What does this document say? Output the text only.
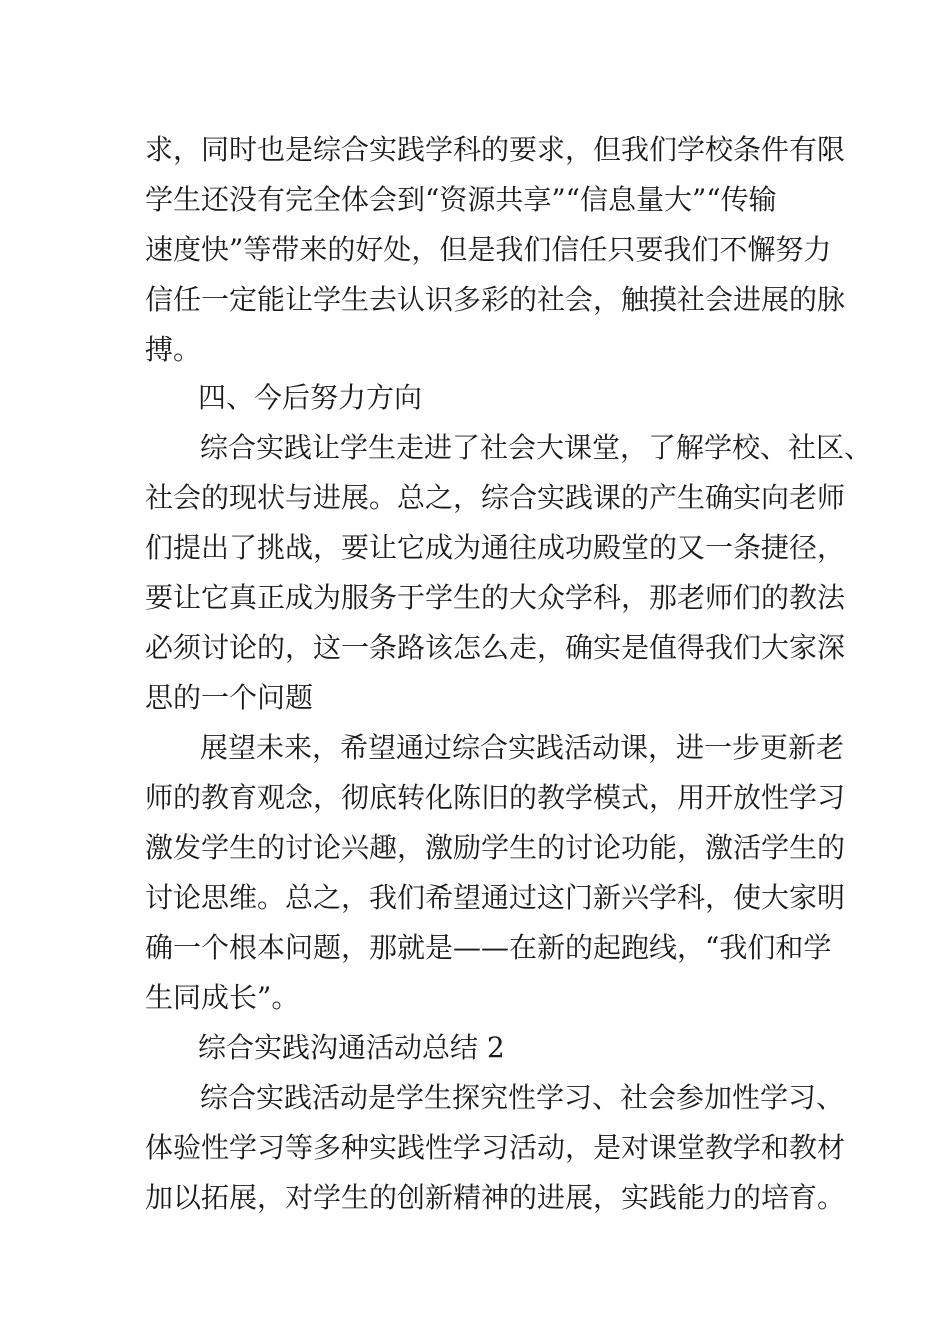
求，同时也是综合实践学科的要求，但我们学校条件有限
学生还没有完全体会到“资源共享”“信息量大”“传输
速度快”等带来的好处，但是我们信任只要我们不懈努力
信任一定能让学生去认识多彩的社会，触摸社会进展的脉
搏。
四、今后努力方向
综合实践让学生走进了社会大课堂，了解学校、社区、
社会的现状与进展。总之，综合实践课的产生确实向老师
们提出了挑战，要让它成为通往成功殿堂的又一条捷径，
要让它真正成为服务于学生的大众学科，那老师们的教法
必须讨论的，这一条路该怎么走，确实是值得我们大家深
思的一个问题
展望未来，希望通过综合实践活动课，进一步更新老
师的教育观念，彻底转化陈旧的教学模式，用开放性学习
激发学生的讨论兴趣，激励学生的讨论功能，激活学生的
讨论思维。总之，我们希望通过这门新兴学科，使大家明
确一个根本问题，那就是——在新的起跑线，“我们和学
生同成长”。
综合实践沟通活动总结 2
综合实践活动是学生探究性学习、社会参加性学习、
体验性学习等多种实践性学习活动，是对课堂教学和教材
加以拓展，对学生的创新精神的进展，实践能力的培育。
